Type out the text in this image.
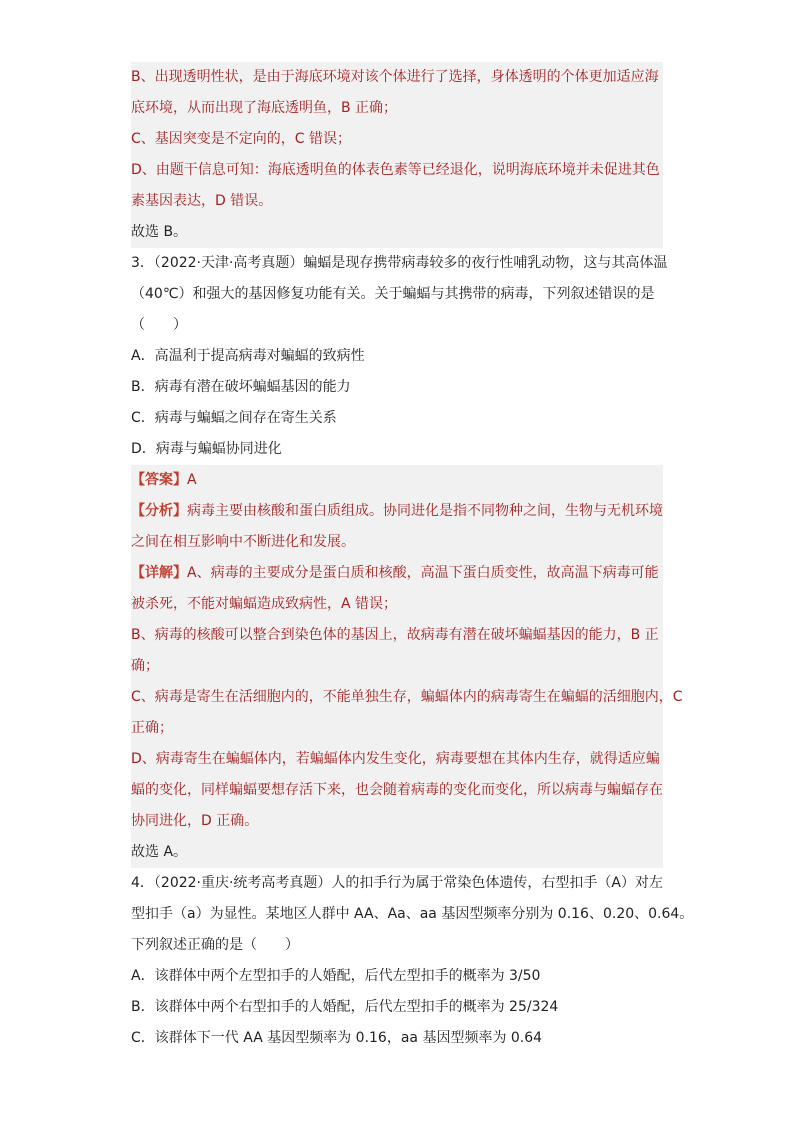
B、出现透明性状，是由于海底环境对该个体进行了选择，身体透明的个体更加适应海
底环境，从而出现了海底透明鱼，B 正确；
C、基因突变是不定向的，C 错误；
D、由题干信息可知：海底透明鱼的体表色素等已经退化，说明海底环境并未促进其色
素基因表达，D 错误。
故选 B。
3．（2022·天津·高考真题）蝙蝠是现存携带病毒较多的夜行性哺乳动物，这与其高体温
（40℃）和强大的基因修复功能有关。关于蝙蝠与其携带的病毒，下列叙述错误的是
（　　）
A．高温利于提高病毒对蝙蝠的致病性
B．病毒有潜在破坏蝙蝠基因的能力
C．病毒与蝙蝠之间存在寄生关系
D．病毒与蝙蝠协同进化
【答案】A
【分析】病毒主要由核酸和蛋白质组成。协同进化是指不同物种之间，生物与无机环境
之间在相互影响中不断进化和发展。
【详解】A、病毒的主要成分是蛋白质和核酸，高温下蛋白质变性，故高温下病毒可能
被杀死，不能对蝙蝠造成致病性，A 错误；
B、病毒的核酸可以整合到染色体的基因上，故病毒有潜在破坏蝙蝠基因的能力，B 正
确；
C、病毒是寄生在活细胞内的，不能单独生存，蝙蝠体内的病毒寄生在蝙蝠的活细胞内，C
正确；
D、病毒寄生在蝙蝠体内，若蝙蝠体内发生变化，病毒要想在其体内生存，就得适应蝙
蝠的变化，同样蝙蝠要想存活下来，也会随着病毒的变化而变化，所以病毒与蝙蝠存在
协同进化，D 正确。
故选 A。
4．（2022·重庆·统考高考真题）人的扣手行为属于常染色体遗传，右型扣手（A）对左
型扣手（a）为显性。某地区人群中 AA、Aa、aa 基因型频率分别为 0.16、0.20、0.64。
下列叙述正确的是（　　）
A．该群体中两个左型扣手的人婚配，后代左型扣手的概率为 3/50
B．该群体中两个右型扣手的人婚配，后代左型扣手的概率为 25/324
C．该群体下一代 AA 基因型频率为 0.16，aa 基因型频率为 0.64
